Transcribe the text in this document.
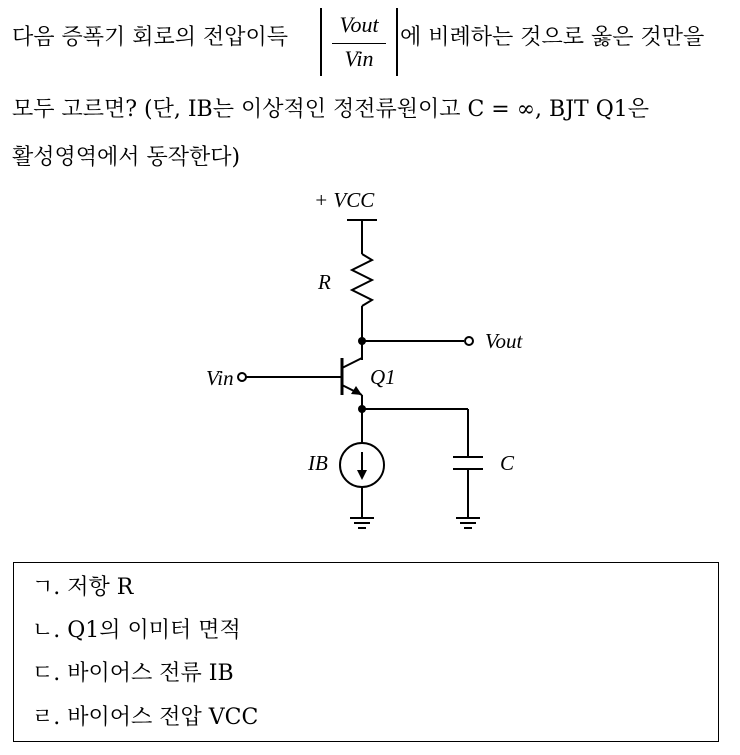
다음 증폭기 회로의 전압이득
Vout
Vin
에 비례하는 것으로 옳은 것만을
모두 고르면? (단, IB는 이상적인 정전류원이고 C = ∞, BJT Q1은
활성영역에서 동작한다)
+ VCC
R
Vout
Vin	Q1
IB	C
ㄱ. 저항 R
ㄴ. Q1의 이미터 면적
ㄷ. 바이어스 전류 IB
ㄹ. 바이어스 전압 VCC
